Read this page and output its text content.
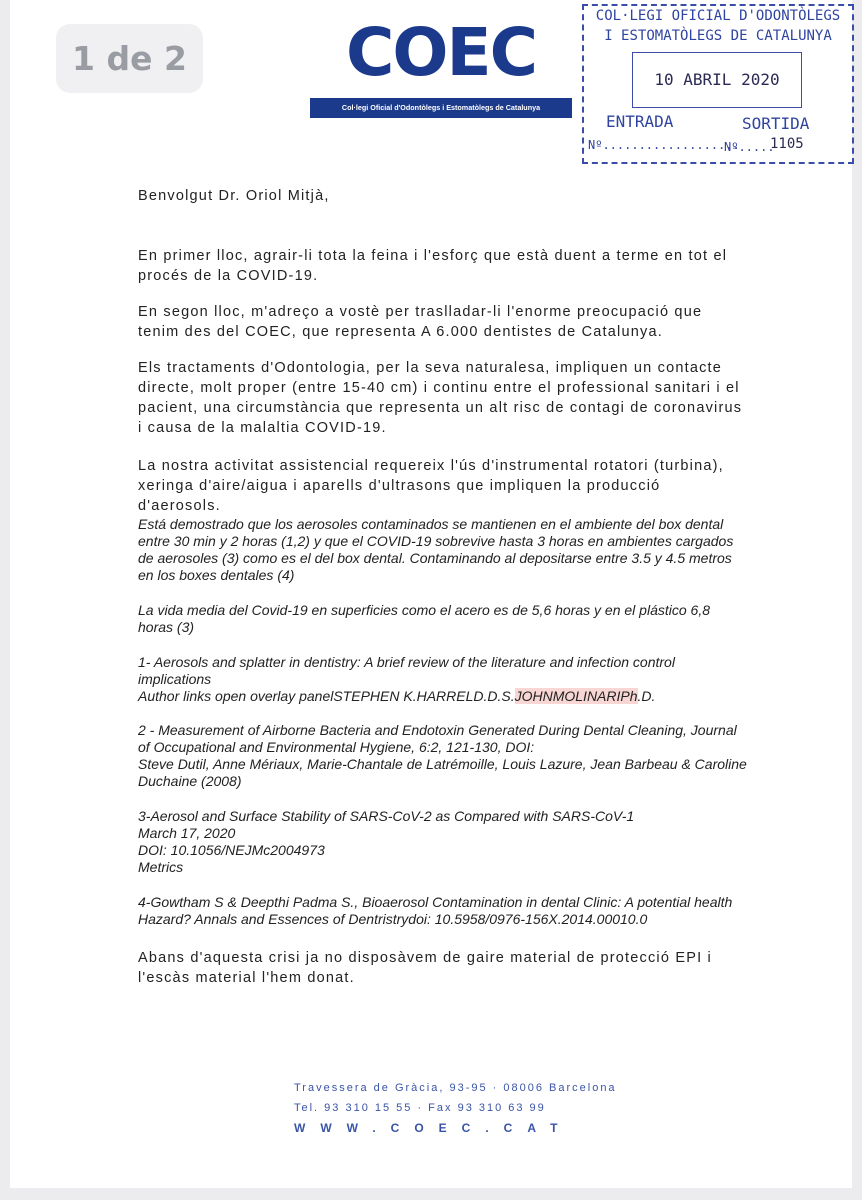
1 de 2 COEC
Col·legi Oficial d'Odontòlegs i Estomatòlegs de Catalunya
COL·LEGI OFICIAL D'ODONTÒLEGS
I ESTOMATÒLEGS DE CATALUNYA
10 ABRIL 2020
ENTRADA	SORTIDA
Nº...................
Nº.....
1105

Benvolgut Dr. Oriol Mitjà,

En primer lloc, agrair-li tota la feina i l'esforç que està duent a terme en tot el procés de la COVID-19.

En segon lloc, m'adreço a vostè per traslladar-li l'enorme preocupació que tenim des del COEC, que representa A 6.000 dentistes de Catalunya.

Els tractaments d'Odontologia, per la seva naturalesa, impliquen un contacte directe, molt proper (entre 15-40 cm) i continu entre el professional sanitari i el pacient, una circumstància que representa un alt risc de contagi de coronavirus i causa de la malaltia COVID-19.

La nostra activitat assistencial requereix l'ús d'instrumental rotatori (turbina), xeringa d'aire/aigua i aparells d'ultrasons que impliquen la producció d'aerosols.

Está demostrado que los aerosoles contaminados se mantienen en el ambiente del box dental entre 30 min y 2 horas (1,2) y que el COVID-19 sobrevive hasta 3 horas en ambientes cargados de aerosoles (3) como es el del box dental. Contaminando al depositarse entre 3.5 y 4.5 metros en los boxes dentales (4)

La vida media del Covid-19 en superficies como el acero es de 5,6 horas y en el plástico 6,8 horas (3)

1- Aerosols and splatter in dentistry: A brief review of the literature and infection control implications
Author links open overlay panelSTEPHEN K.HARRELD.D.S.JOHNMOLINARIPh.D.

2 - Measurement of Airborne Bacteria and Endotoxin Generated During Dental Cleaning, Journal of Occupational and Environmental Hygiene, 6:2, 121-130, DOI:
Steve Dutil, Anne Mériaux, Marie-Chantale de Latrémoille, Louis Lazure, Jean Barbeau & Caroline Duchaine (2008)

3-Aerosol and Surface Stability of SARS-CoV-2 as Compared with SARS-CoV-1
March 17, 2020
DOI: 10.1056/NEJMc2004973
Metrics

4-Gowtham S & Deepthi Padma S., Bioaerosol Contamination in dental Clinic: A potential health Hazard? Annals and Essences of Dentristrydoi: 10.5958/0976-156X.2014.00010.0

Abans d'aquesta crisi ja no disposàvem de gaire material de protecció EPI i l'escàs material l'hem donat.

Travessera de Gràcia, 93-95 · 08006 Barcelona
Tel. 93 310 15 55 · Fax 93 310 63 99
WWW.COEC.CAT
